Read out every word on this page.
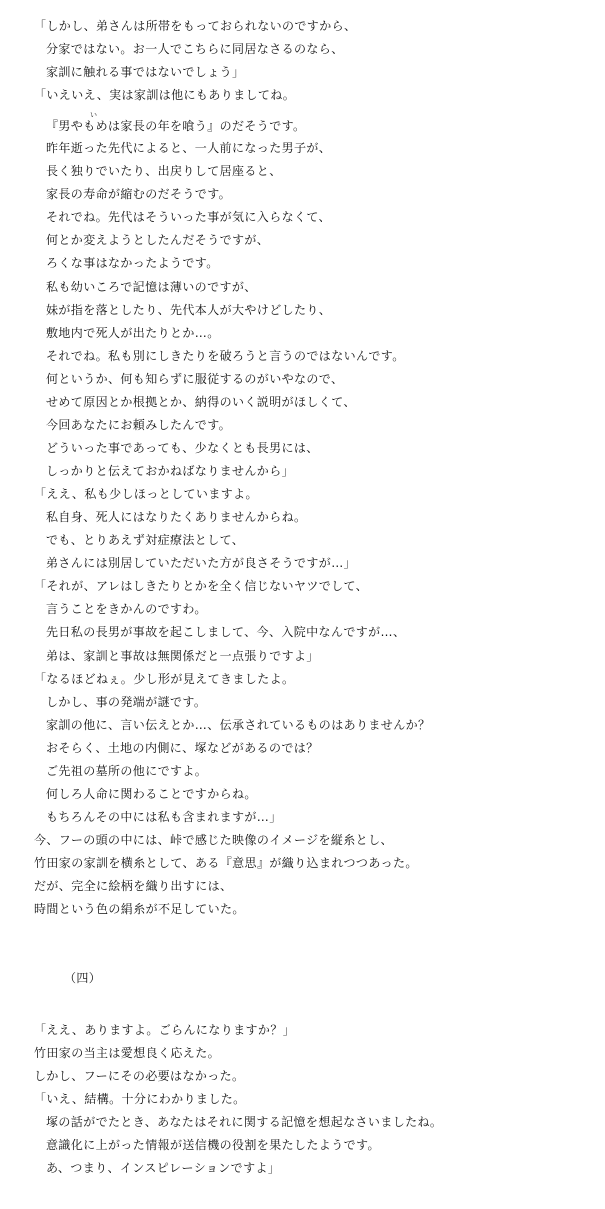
「しかし、弟さんは所帯をもっておられないのですから、
分家ではない。お一人でこちらに同居なさるのなら、
家訓に触れる事ではないでしょう」
「いえいえ、実は家訓は他にもありましてね。
い
『男やもめは家長の年を喰う』のだそうです。
昨年逝った先代によると、一人前になった男子が、
長く独りでいたり、出戻りして居座ると、
家長の寿命が縮むのだそうです。
それでね。先代はそういった事が気に入らなくて、
何とか変えようとしたんだそうですが、
ろくな事はなかったようです。
私も幼いころで記憶は薄いのですが、
妹が指を落としたり、先代本人が大やけどしたり、
敷地内で死人が出たりとか…。
それでね。私も別にしきたりを破ろうと言うのではないんです。
何というか、何も知らずに服従するのがいやなので、
せめて原因とか根拠とか、納得のいく説明がほしくて、
今回あなたにお頼みしたんです。
どういった事であっても、少なくとも長男には、
しっかりと伝えておかねばなりませんから」
「ええ、私も少しほっとしていますよ。
私自身、死人にはなりたくありませんからね。
でも、とりあえず対症療法として、
弟さんには別居していただいた方が良さそうですが…」
「それが、アレはしきたりとかを全く信じないヤツでして、
言うことをきかんのですわ。
先日私の長男が事故を起こしまして、今、入院中なんですが…、
弟は、家訓と事故は無関係だと一点張りですよ」
「なるほどねぇ。少し形が見えてきましたよ。
しかし、事の発端が謎です。
家訓の他に、言い伝えとか…、伝承されているものはありませんか？
おそらく、土地の内側に、塚などがあるのでは？
ご先祖の墓所の他にですよ。
何しろ人命に関わることですからね。
もちろんその中には私も含まれますが…」
今、フーの頭の中には、峠で感じた映像のイメージを縦糸とし、
竹田家の家訓を横糸として、ある『意思』が織り込まれつつあった。
だが、完全に絵柄を織り出すには、
時間という色の絹糸が不足していた。
（四）
「ええ、ありますよ。ごらんになりますか？」
竹田家の当主は愛想良く応えた。
しかし、フーにその必要はなかった。
「いえ、結構。十分にわかりました。
塚の話がでたとき、あなたはそれに関する記憶を想起なさいましたね。
意識化に上がった情報が送信機の役割を果たしたようです。
あ、つまり、インスピレーションですよ」
